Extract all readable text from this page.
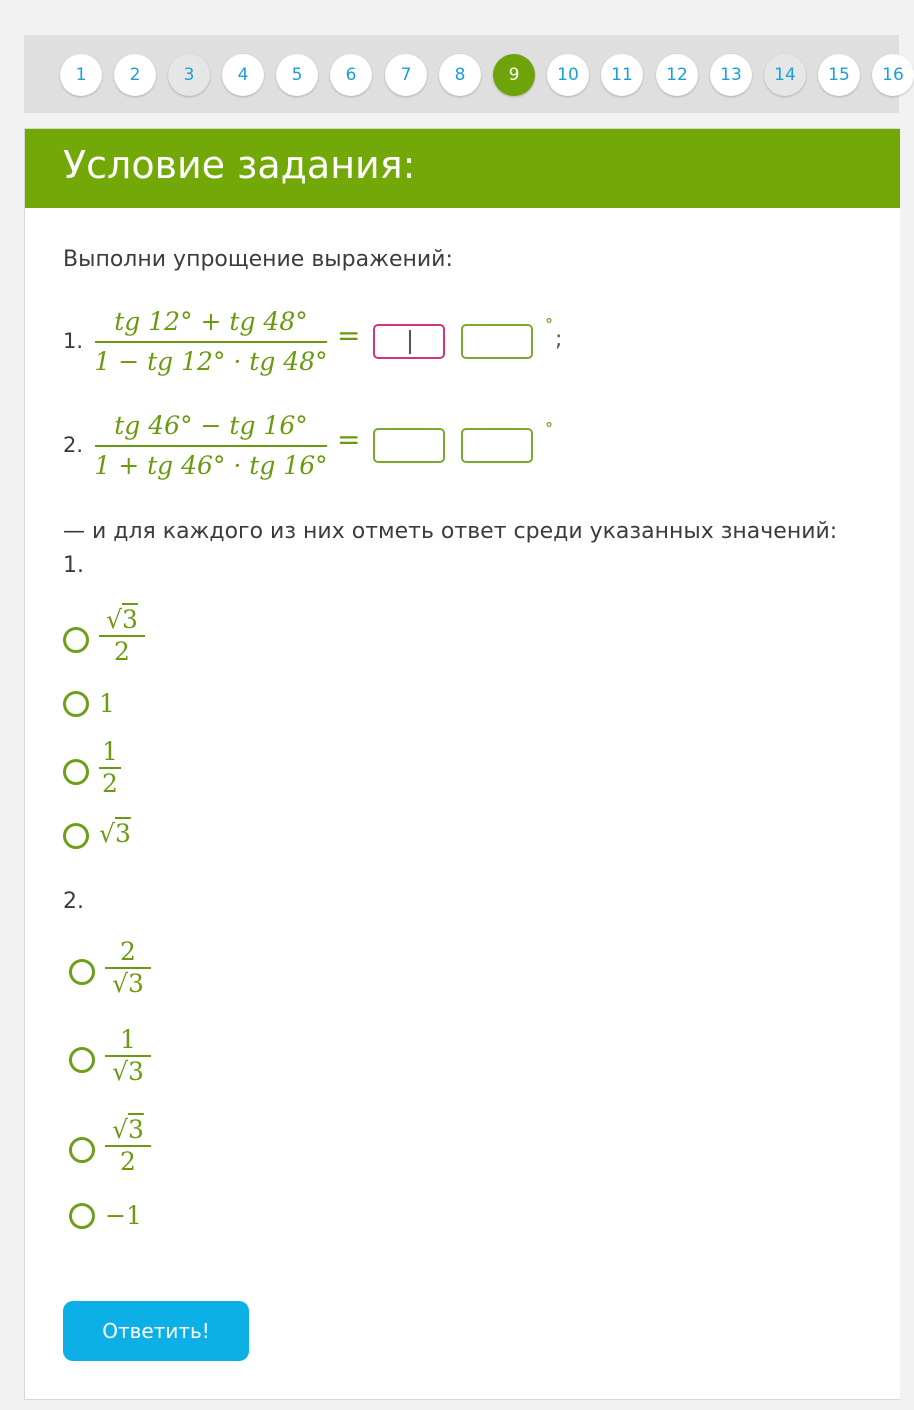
1	2	3	4	5	6	7	8	9	10	11	12	13	14	15	16
Условие задания:
Выполни упрощение выражений:
1.
tg 12° + tg 48°
1 − tg 12° · tg 48°
=	°
;
2.
tg 46° − tg 16°
1 + tg 46° · tg 16°
=	°
— и для каждого из них отметь ответ среди указанных значений:
1.
√3
2
1
1
2
√3
2.
2
√3
1
√3
√3
2
−1
Ответить!
